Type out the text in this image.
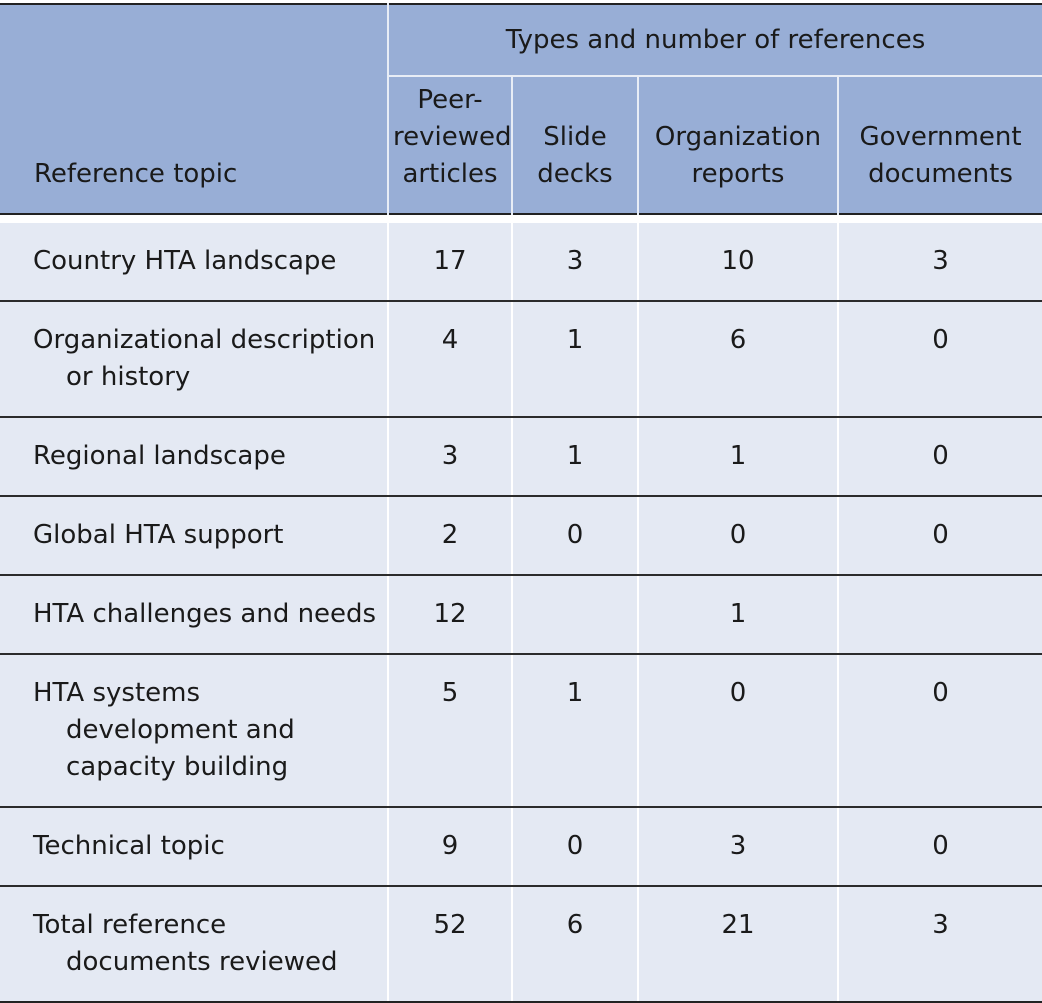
Reference topic	Types and number of references			
	Peer-reviewed articles	Slide decks	Organization reports	Government documents

Country HTA landscape	17	3	10	3
Organizational description or history	4	1	6	0
Regional landscape	3	1	1	0
Global HTA support	2	0	0	0
HTA challenges and needs	12		1	
HTA systems development and capacity building	5	1	0	0
Technical topic	9	0	3	0
Total reference documents reviewed	52	6	21	3
